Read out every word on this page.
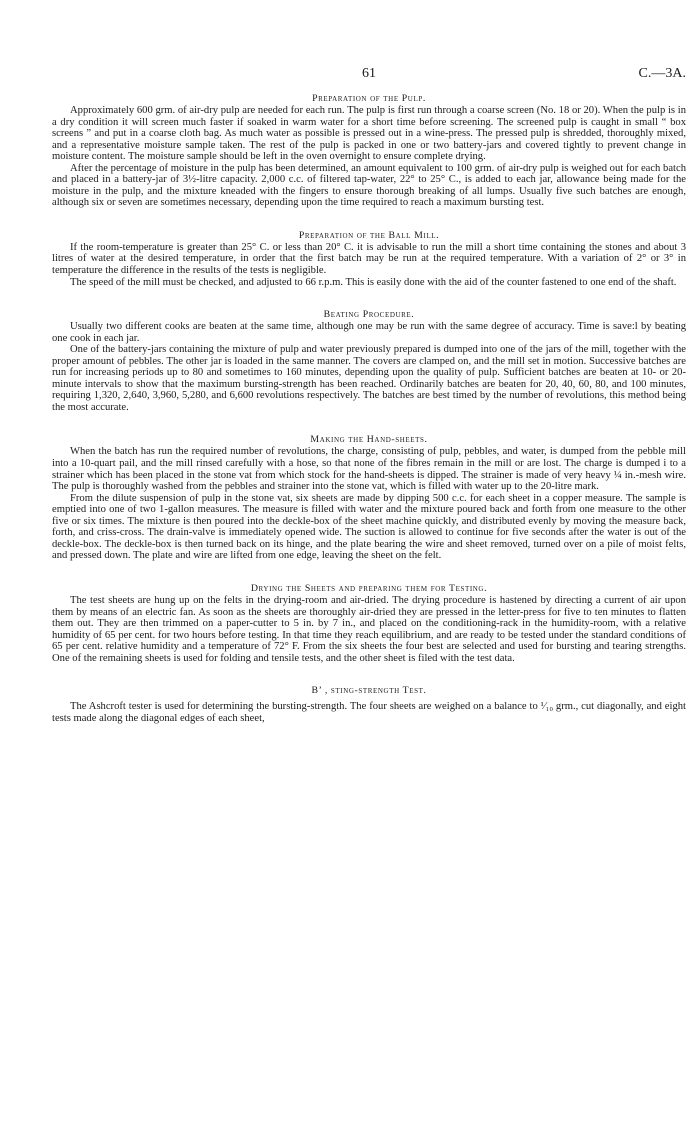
61	C.—3A.
Preparation of the Pulp.

Approximately 600 grm. of air-dry pulp are needed for each run. The pulp is first run through a coarse screen (No. 18 or 20). When the pulp is in a dry condition it will screen much faster if soaked in warm water for a short time before screening. The screened pulp is caught in small “ box screens ” and put in a coarse cloth bag. As much water as possible is pressed out in a wine-press. The pressed pulp is shredded, thoroughly mixed, and a representative moisture sample taken. The rest of the pulp is packed in one or two battery-jars and covered tightly to prevent change in moisture content. The moisture sample should be left in the oven overnight to ensure complete drying.

After the percentage of moisture in the pulp has been determined, an amount equivalent to 100 grm. of air-dry pulp is weighed out for each batch and placed in a battery-jar of 3½-litre capacity. 2,000 c.c. of filtered tap-water, 22° to 25° C., is added to each jar, allowance being made for the moisture in the pulp, and the mixture kneaded with the fingers to ensure thorough breaking of all lumps. Usually five such batches are enough, although six or seven are sometimes necessary, depending upon the time required to reach a maximum bursting test.

Preparation of the Ball Mill.

If the room-temperature is greater than 25° C. or less than 20° C. it is advisable to run the mill a short time containing the stones and about 3 litres of water at the desired temperature, in order that the first batch may be run at the required temperature. With a variation of 2° or 3° in temperature the difference in the results of the tests is negligible.

The speed of the mill must be checked, and adjusted to 66 r.p.m. This is easily done with the aid of the counter fastened to one end of the shaft.

Beating Procedure.

Usually two different cooks are beaten at the same time, although one may be run with the same degree of accuracy. Time is save:l by beating one cook in each jar.

One of the battery-jars containing the mixture of pulp and water previously prepared is dumped into one of the jars of the mill, together with the proper amount of pebbles. The other jar is loaded in the same manner. The covers are clamped on, and the mill set in motion. Successive batches are run for increasing periods up to 80 and sometimes to 160 minutes, depending upon the quality of pulp. Sufficient batches are beaten at 10- or 20-minute intervals to show that the maximum bursting-strength has been reached. Ordinarily batches are beaten for 20, 40, 60, 80, and 100 minutes, requiring 1,320, 2,640, 3,960, 5,280, and 6,600 revolutions respectively. The batches are best timed by the number of revolutions, this method being the most accurate.

Making the Hand-sheets.

When the batch has run the required number of revolutions, the charge, consisting of pulp, pebbles, and water, is dumped from the pebble mill into a 10-quart pail, and the mill rinsed carefully with a hose, so that none of the fibres remain in the mill or are lost. The charge is dumped i to a strainer which has been placed in the stone vat from which stock for the hand-sheets is dipped. The strainer is made of very heavy ¼ in.-mesh wire. The pulp is thoroughly washed from the pebbles and strainer into the stone vat, which is filled with water up to the 20-litre mark.

From the dilute suspension of pulp in the stone vat, six sheets are made by dipping 500 c.c. for each sheet in a copper measure. The sample is emptied into one of two 1-gallon measures. The measure is filled with water and the mixture poured back and forth from one measure to the other five or six times. The mixture is then poured into the deckle-box of the sheet machine quickly, and distributed evenly by moving the measure back, forth, and criss-cross. The drain-valve is immediately opened wide. The suction is allowed to continue for five seconds after the water is out of the deckle-box. The deckle-box is then turned back on its hinge, and the plate bearing the wire and sheet removed, turned over on a pile of moist felts, and pressed down. The plate and wire are lifted from one edge, leaving the sheet on the felt.

Drying the Sheets and preparing them for Testing.

The test sheets are hung up on the felts in the drying-room and air-dried. The drying procedure is hastened by directing a current of air upon them by means of an electric fan. As soon as the sheets are thoroughly air-dried they are pressed in the letter-press for five to ten minutes to flatten them out. They are then trimmed on a paper-cutter to 5 in. by 7 in., and placed on the conditioning-rack in the humidity-room, with a relative humidity of 65 per cent. for two hours before testing. In that time they reach equilibrium, and are ready to be tested under the standard conditions of 65 per cent. relative humidity and a temperature of 72° F. From the six sheets the four best are selected and used for bursting and tearing strengths. One of the remaining sheets is used for folding and tensile tests, and the other sheet is filed with the test data.

B’ , sting-strength Test.

The Ashcroft tester is used for determining the bursting-strength. The four sheets are weighed on a balance to ¹⁄₁₀ grm., cut diagonally, and eight tests made along the diagonal edges of each sheet,
